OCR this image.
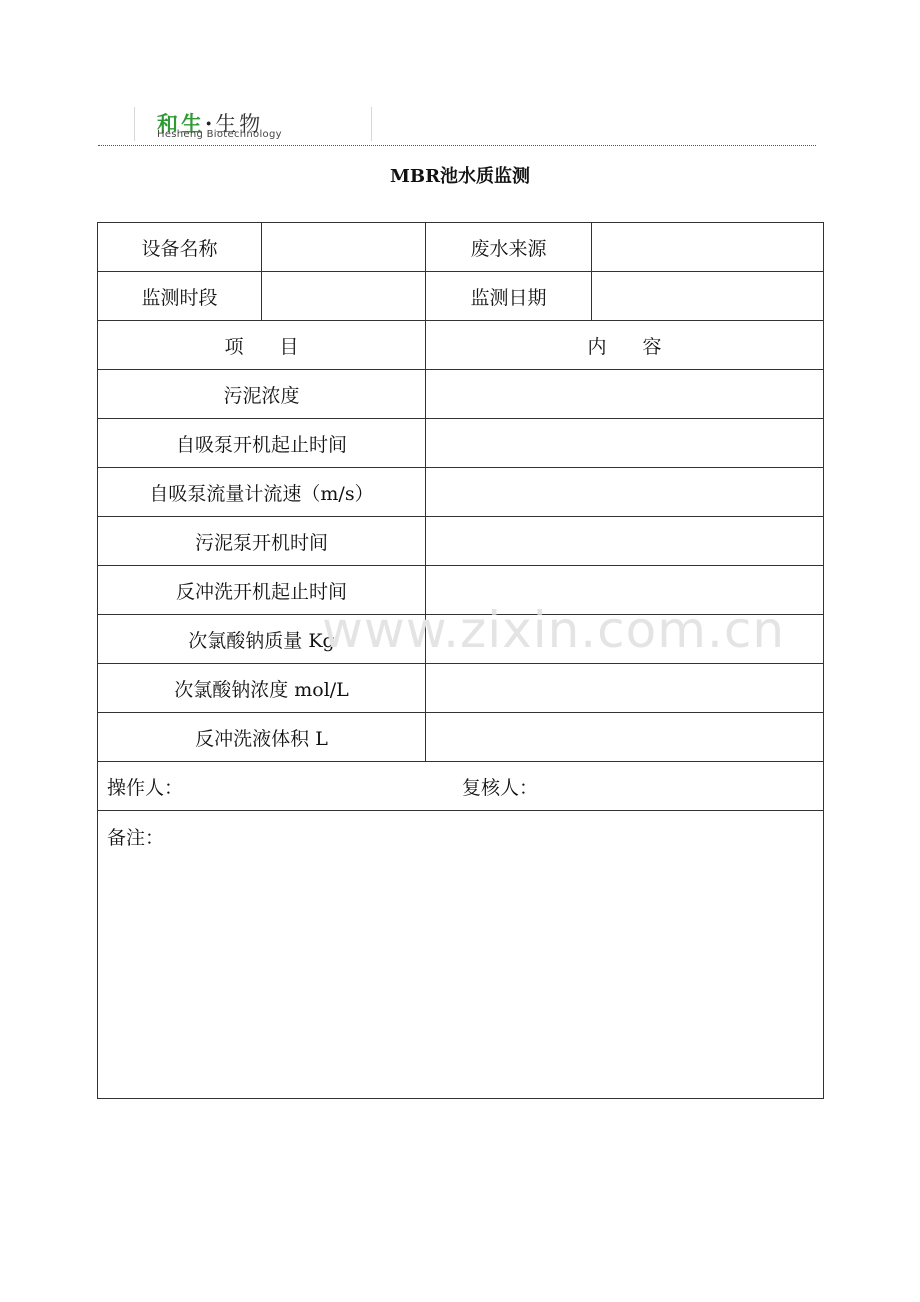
和生·生物
Hesheng Biotechnology
MBR池水质监测
设备名称		废水来源	
监测时段		监测日期	
项 目		内 容	
污泥浓度			
自吸泵开机起止时间			
自吸泵流量计流速（m/s）			
污泥泵开机时间			
反冲洗开机起止时间			
次氯酸钠质量 Kg			
次氯酸钠浓度 mol/L			
反冲洗液体积 L			

操作人： 复核人：			

备注：			
www.zixin.com.cn
